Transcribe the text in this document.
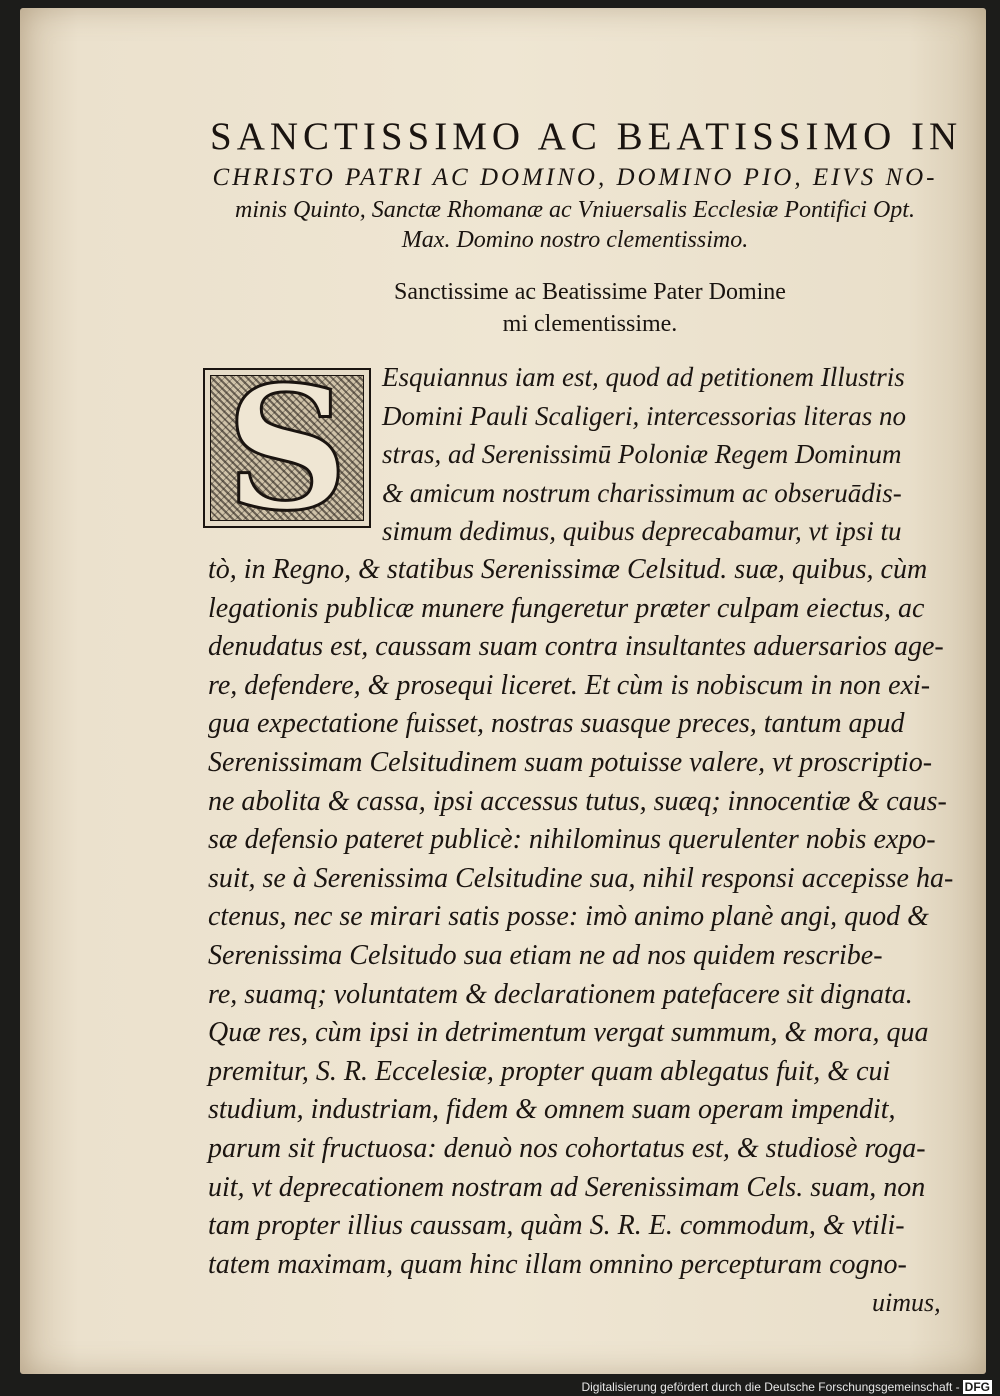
SANCTISSIMO AC BEATISSIMO IN
CHRISTO PATRI AC DOMINO, DOMINO PIO, EIVS NO-
minis Quinto, Sanctæ Rhomanæ ac Vniuersalis Ecclesiæ Pontifici Opt.
Max. Domino nostro clementissimo.
Sanctissime ac Beatissime Pater Domine
mi clementissime.
S	Esquiannus iam est, quod ad petitionem Illustris
Domini Pauli Scaligeri, intercessorias literas no
stras, ad Serenissimū Poloniæ Regem Dominum
& amicum nostrum charissimum ac obseruādis-
simum dedimus, quibus deprecabamur, vt ipsi tu
tò, in Regno, & statibus Serenissimæ Celsitud. suæ, quibus, cùm
legationis publicæ munere fungeretur præter culpam eiectus, ac
denudatus est, caussam suam contra insultantes aduersarios age-
re, defendere, & prosequi liceret. Et cùm is nobiscum in non exi-
gua expectatione fuisset, nostras suasque preces, tantum apud
Serenissimam Celsitudinem suam potuisse valere, vt proscriptio-
ne abolita & cassa, ipsi accessus tutus, suæq; innocentiæ & caus-
sæ defensio pateret publicè: nihilominus querulenter nobis expo-
suit, se à Serenissima Celsitudine sua, nihil responsi accepisse ha-
ctenus, nec se mirari satis posse: imò animo planè angi, quod &
Serenissima Celsitudo sua etiam ne ad nos quidem rescribe-
re, suamq; voluntatem & declarationem patefacere sit dignata.
Quæ res, cùm ipsi in detrimentum vergat summum, & mora, qua
premitur, S. R. Eccelesiæ, propter quam ablegatus fuit, & cui
studium, industriam, fidem & omnem suam operam impendit,
parum sit fructuosa: denuò nos cohortatus est, & studiosè roga-
uit, vt deprecationem nostram ad Serenissimam Cels. suam, non
tam propter illius caussam, quàm S. R. E. commodum, & vtili-
tatem maximam, quam hinc illam omnino percepturam cogno-
uimus,
Digitalisierung gefördert durch die Deutsche Forschungsgemeinschaft - DFG
